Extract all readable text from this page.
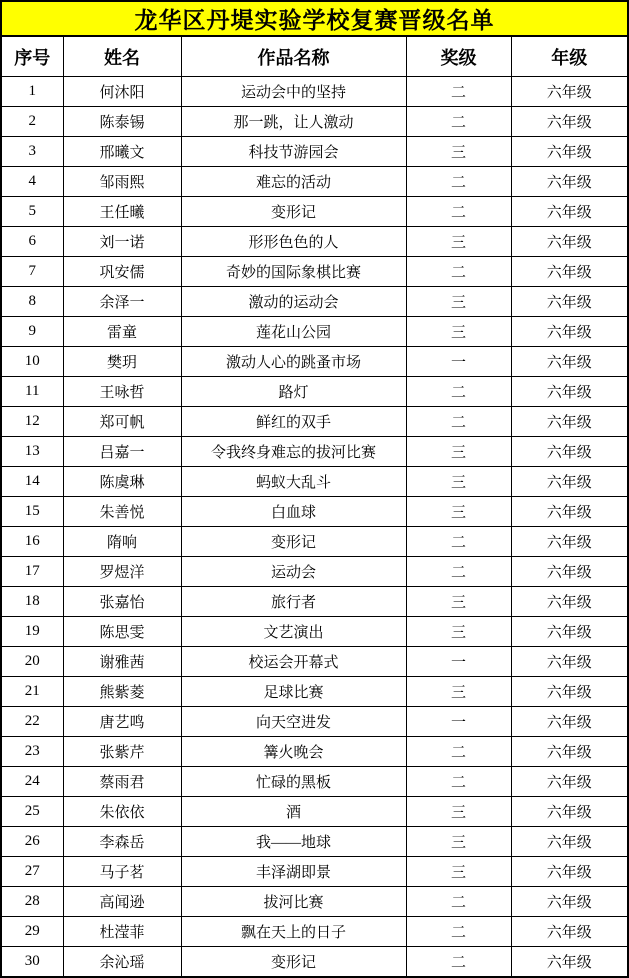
龙华区丹堤实验学校复赛晋级名单				
序号	姓名	作品名称	奖级	年级
1	何沐阳	运动会中的坚持	二	六年级
2	陈泰锡	那一跳，让人激动	二	六年级
3	邢曦文	科技节游园会	三	六年级
4	邹雨熙	难忘的活动	二	六年级
5	王任曦	变形记	二	六年级
6	刘一诺	形形色色的人	三	六年级
7	巩安儒	奇妙的国际象棋比赛	二	六年级
8	余泽一	激动的运动会	三	六年级
9	雷童	莲花山公园	三	六年级
10	樊玥	激动人心的跳蚤市场	一	六年级
11	王咏哲	路灯	二	六年级
12	郑可帆	鲜红的双手	二	六年级
13	吕嘉一	令我终身难忘的拔河比赛	三	六年级
14	陈虞琳	蚂蚁大乱斗	三	六年级
15	朱善悦	白血球	三	六年级
16	隋响	变形记	二	六年级
17	罗煜洋	运动会	二	六年级
18	张嘉怡	旅行者	三	六年级
19	陈思雯	文艺演出	三	六年级
20	谢雅茜	校运会开幕式	一	六年级
21	熊紫菱	足球比赛	三	六年级
22	唐艺鸣	向天空进发	一	六年级
23	张紫芹	篝火晚会	二	六年级
24	蔡雨君	忙碌的黑板	二	六年级
25	朱依依	酒	三	六年级
26	李森岳	我——地球	三	六年级
27	马子茗	丰泽湖即景	三	六年级
28	高闻逊	拔河比赛	二	六年级
29	杜滢菲	飘在天上的日子	二	六年级
30	余沁瑶	变形记	二	六年级
